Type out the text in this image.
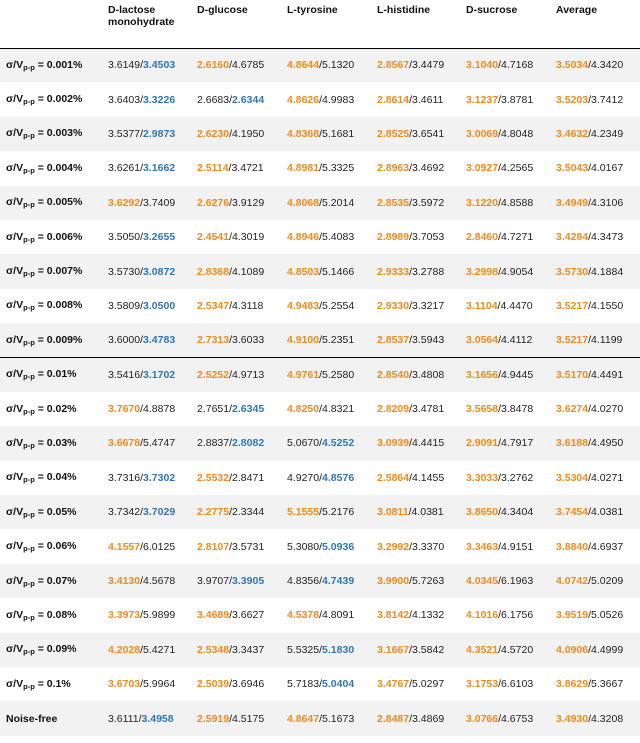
	D-lactose monohydrate	D-glucose	L-tyrosine	L-histidine	D-sucrose	Average
$\sigma/V_{p-p} = 0.001\%$	3.6149/3.4503	2.6160/4.6785	4.8644/5.1320	2.8567/3.4479	3.1040/4.7168	3.5034/4.3420
$\sigma/V_{p-p} = 0.002\%$	3.6403/3.3226	2.6683/2.6344	4.8626/4.9983	2.8614/3.4611	3.1237/3.8781	3.5203/3.7412
$\sigma/V_{p-p} = 0.003\%$	3.5377/2.9873	2.6230/4.1950	4.8368/5.1681	2.8525/3.6541	3.0069/4.8048	3.4632/4.2349
$\sigma/V_{p-p} = 0.004\%$	3.6261/3.1662	2.5114/3.4721	4.8981/5.3325	2.8963/3.4692	3.0927/4.2565	3.5043/4.0167
$\sigma/V_{p-p} = 0.005\%$	3.6292/3.7409	2.6276/3.9129	4.8068/5.2014	2.8535/3.5972	3.1220/4.8588	3.4949/4.3106
$\sigma/V_{p-p} = 0.006\%$	3.5050/3.2655	2.4541/4.3019	4.8946/5.4083	2.8989/3.7053	2.8460/4.7271	3.4284/4.3473
$\sigma/V_{p-p} = 0.007\%$	3.5730/3.0872	2.8368/4.1089	4.8503/5.1466	2.9333/3.2788	3.2998/4.9054	3.5730/4.1884
$\sigma/V_{p-p} = 0.008\%$	3.5809/3.0500	2.5347/4.3118	4.9483/5.2554	2.9330/3.3217	3.1104/4.4470	3.5217/4.1550
$\sigma/V_{p-p} = 0.009\%$	3.6000/3.4783	2.7313/3.6033	4.9100/5.2351	2.8537/3.5943	3.0564/4.4112	3.5217/4.1199
$\sigma/V_{p-p} = 0.01\%$	3.5416/3.1702	2.5252/4.9713	4.9761/5.2580	2.8540/3.4808	3.1656/4.9445	3.5170/4.4491
$\sigma/V_{p-p} = 0.02\%$	3.7670/4.8878	2.7651/2.6345	4.8250/4.8321	2.8209/3.4781	3.5658/3.8478	3.6274/4.0270
$\sigma/V_{p-p} = 0.03\%$	3.6678/5.4747	2.8837/2.8082	5.0670/4.5252	3.0939/4.4415	2.9091/4.7917	3.6188/4.4950
$\sigma/V_{p-p} = 0.04\%$	3.7316/3.7302	2.5532/2.8471	4.9270/4.8576	2.5864/4.1455	3.3033/3.2762	3.5304/4.0271
$\sigma/V_{p-p} = 0.05\%$	3.7342/3.7029	2.2775/2.3344	5.1555/5.2176	3.0811/4.0381	3.8650/4.3404	3.7454/4.0381
$\sigma/V_{p-p} = 0.06\%$	4.1557/6.0125	2.8107/3.5731	5.3080/5.0936	3.2992/3.3370	3.3463/4.9151	3.8840/4.6937
$\sigma/V_{p-p} = 0.07\%$	3.4130/4.5678	3.9707/3.3905	4.8356/4.7439	3.9900/5.7263	4.0345/6.1963	4.0742/5.0209
$\sigma/V_{p-p} = 0.08\%$	3.3973/5.9899	3.4689/3.6627	4.5378/4.8091	3.8142/4.1332	4.1016/6.1756	3.9519/5.0526
$\sigma/V_{p-p} = 0.09\%$	4.2028/5.4271	2.5348/3.3437	5.5325/5.1830	3.1667/3.5842	4.3521/4.5720	4.0906/4.4999
$\sigma/V_{p-p} = 0.1\%$	3.6703/5.9964	2.5039/3.6946	5.7183/5.0404	3.4767/5.0297	3.1753/6.6103	3.8629/5.3667
Noise-free	3.6111/3.4958	2.5919/4.5175	4.8647/5.1673	2.8487/3.4869	3.0766/4.6753	3.4930/4.3208
